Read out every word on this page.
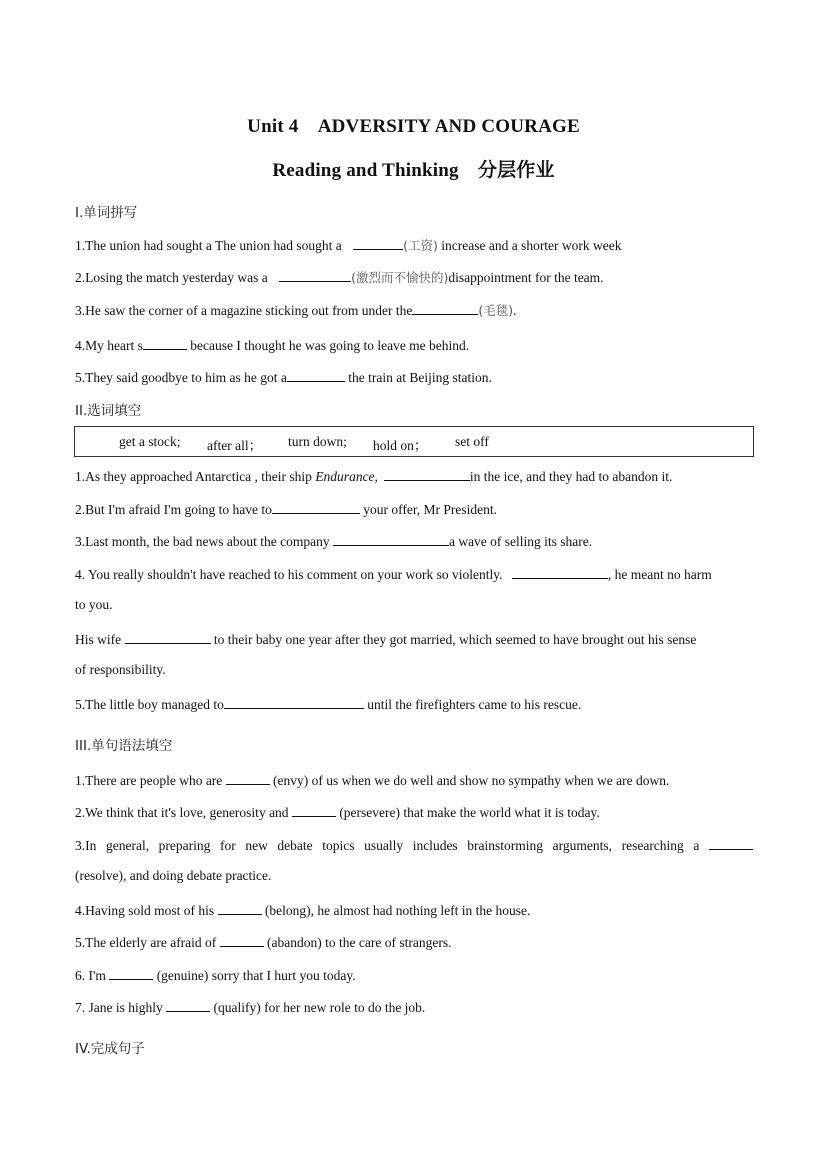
Unit 4　ADVERSITY AND COURAGE
Reading and Thinking　分层作业
I.单词拼写
1.The union had sought a The union had sought a	(工资) increase and a shorter work week
2.Losing the match yesterday was a	(激烈而不愉快的)disappointment for the team.
3.He saw the corner of a magazine sticking out from under the	(毛毯).
4.My heart s	because I thought he was going to leave me behind.
5.They said goodbye to him as he got a	the train at Beijing station.
II.选词填空
get a stock; after all； turn down; hold on； set off
1.As they approached Antarctica , their ship Endurance,	in the ice, and they had to abandon it.
2.But I'm afraid I'm going to have to	your offer, Mr President.
3.Last month, the bad news about the company	a wave of selling its share.
4. You really shouldn't have reached to his comment on your work so violently.	, he meant no harm
to you.
His wife	to their baby one year after they got married, which seemed to have brought out his sense
of responsibility.
5.The little boy managed to	until the firefighters came to his rescue.
III.单句语法填空
1.There are people who are	(envy) of us when we do well and show no sympathy when we are down.
2.We think that it's love, generosity and	(persevere) that make the world what it is today.
3.In general, preparing for new debate topics usually includes brainstorming arguments, researching a
(resolve), and doing debate practice.
4.Having sold most of his	(belong), he almost had nothing left in the house.
5.The elderly are afraid of	(abandon) to the care of strangers.
6. I'm	(genuine) sorry that I hurt you today.
7. Jane is highly	(qualify) for her new role to do the job.
IV.完成句子
